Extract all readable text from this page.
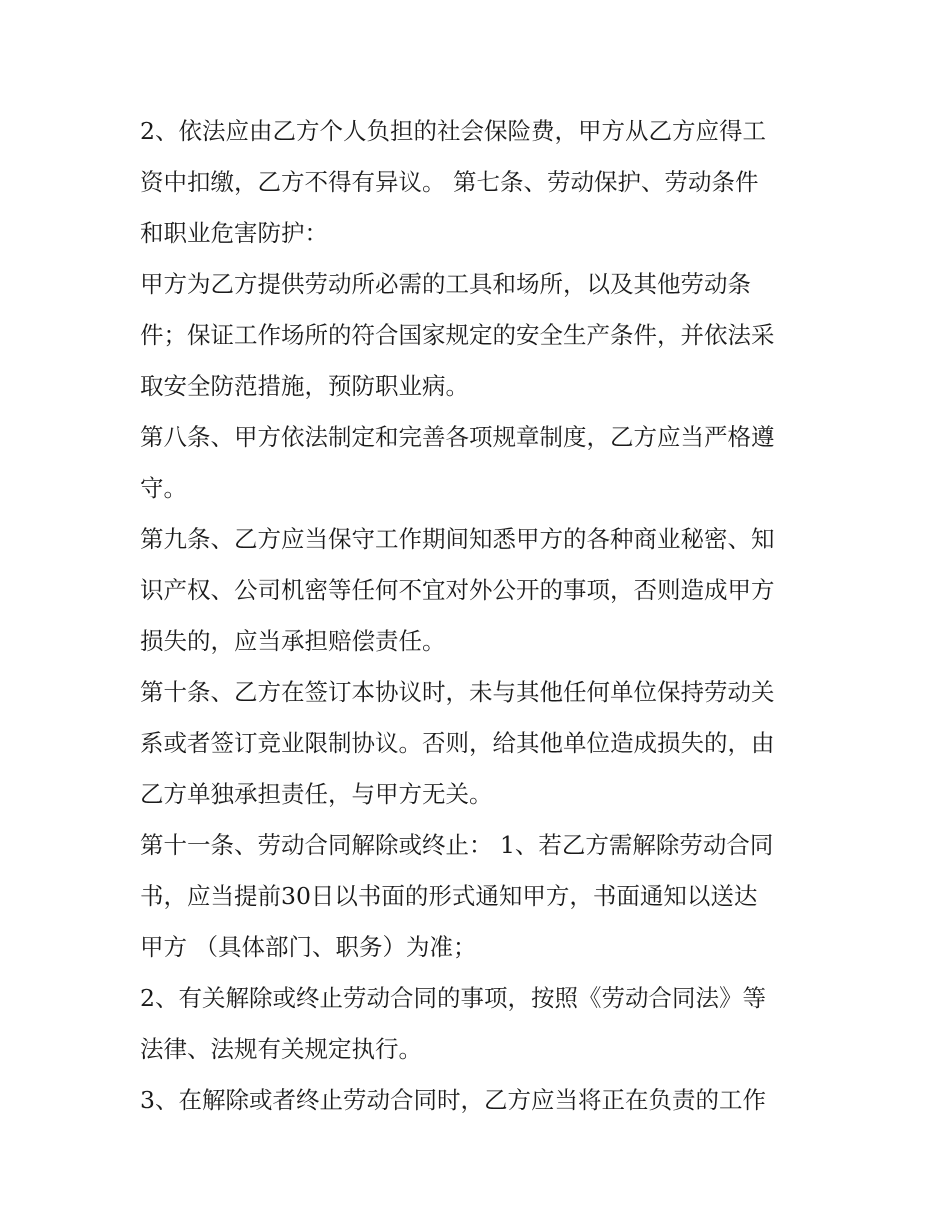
2、依法应由乙方个人负担的社会保险费，甲方从乙方应得工
资中扣缴，乙方不得有异议。 第七条、劳动保护、劳动条件
和职业危害防护：
甲方为乙方提供劳动所必需的工具和场所，以及其他劳动条
件；保证工作场所的符合国家规定的安全生产条件，并依法采
取安全防范措施，预防职业病。
第八条、甲方依法制定和完善各项规章制度，乙方应当严格遵
守。
第九条、乙方应当保守工作期间知悉甲方的各种商业秘密、知
识产权、公司机密等任何不宜对外公开的事项，否则造成甲方
损失的，应当承担赔偿责任。
第十条、乙方在签订本协议时，未与其他任何单位保持劳动关
系或者签订竞业限制协议。否则，给其他单位造成损失的，由
乙方单独承担责任，与甲方无关。
第十一条、劳动合同解除或终止： 1、若乙方需解除劳动合同
书，应当提前30日以书面的形式通知甲方，书面通知以送达
甲方 （具体部门、职务）为准；
2、有关解除或终止劳动合同的事项，按照《劳动合同法》等
法律、法规有关规定执行。
3、在解除或者终止劳动合同时，乙方应当将正在负责的工作
